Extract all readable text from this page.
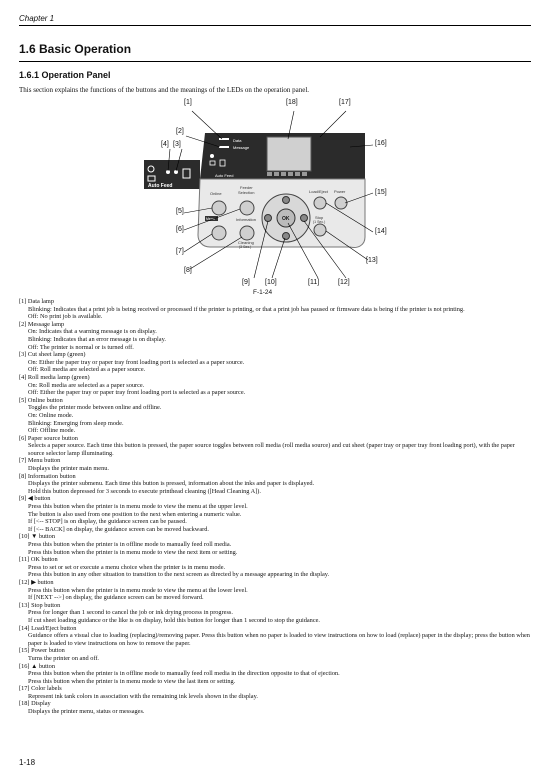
Chapter 1
1.6 Basic Operation
1.6.1 Operation Panel
This section explains the functions of the buttons and the meanings of the LEDs on the operation panel.
Data
Message
Auto Feed
Auto Feed
Online
Feeder
Selection
Menu	Information	OK
Load/Eject Power
Stop
(1 Sec.)
Cleaning
(3 Sec.)
[1]
[2]
[3]
[4]
[5]
[6]
[7]
[8]
[9] [10]	[11]	[12]
[13]
[14]
[15]
[16]
[17]
[18]
F-1-24

[1] Data lamp

Blinking: Indicates that a print job is being received or processed if the printer is printing, or that a print job has paused or firmware data is being if the printer is not printing.

Off: No print job is available.

[2] Message lamp

On: Indicates that a warning message is on display.

Blinking: Indicates that an error message is on display.

Off: The printer is normal or is turned off.

[3] Cut sheet lamp (green)

On: Either the paper tray or paper tray front loading port is selected as a paper source.

Off: Roll media are selected as a paper source.

[4] Roll media lamp (green)

On: Roll media are selected as a paper source.

Off: Either the paper tray or paper tray front loading port is selected as a paper source.

[5] Online button

Toggles the printer mode between online and offline.

On: Online mode.

Blinking: Emerging from sleep mode.

Off: Offline mode.

[6] Paper source button

Selects a paper source. Each time this button is pressed, the paper source toggles between roll media (roll media source) and cut sheet (paper tray or paper tray front loading port), with the paper source selector lamp illuminating.

[7] Menu button

Displays the printer main menu.

[8] Information button

Displays the printer submenu. Each time this button is pressed, information about the inks and paper is displayed.

Hold this button depressed for 3 seconds to execute printhead cleaning ([Head Cleaning A]).

[9] ◀ button

Press this button when the printer is in menu mode to view the menu at the upper level.

The button is also used from one position to the next when entering a numeric value.

If [<-- STOP] is on display, the guidance screen can be paused.

If [<-- BACK] on display, the guidance screen can be moved backward.

[10] ▼ button

Press this button when the printer is in offline mode to manually feed roll media.

Press this button when the printer is in menu mode to view the next item or setting.

[11] OK button

Press to set or set or execute a menu choice when the printer is in menu mode.

Press this button in any other situation to transition to the next screen as directed by a message appearing in the display.

[12] ▶ button

Press this button when the printer is in menu mode to view the menu at the lower level.

If [NEXT -->] on display, the guidance screen can be moved forward.

[13] Stop button

Press for longer than 1 second to cancel the job or ink drying process in progress.

If cut sheet loading guidance or the like is on display, hold this button for longer than 1 second to stop the guidance.

[14] Load/Eject button

Guidance offers a visual clue to loading (replacing)/removing paper. Press this button when no paper is loaded to view instructions on how to load (replace) paper in the display; press the button when paper is loaded to view instructions on how to remove the paper.

[15] Power button

Turns the printer on and off.

[16] ▲ button

Press this button when the printer is in offline mode to manually feed roll media in the direction opposite to that of ejection.

Press this button when the printer is in menu mode to view the last item or setting.

[17] Color labels

Represent ink tank colors in association with the remaining ink levels shown in the display.

[18] Display

Displays the printer menu, status or messages.

1-18
